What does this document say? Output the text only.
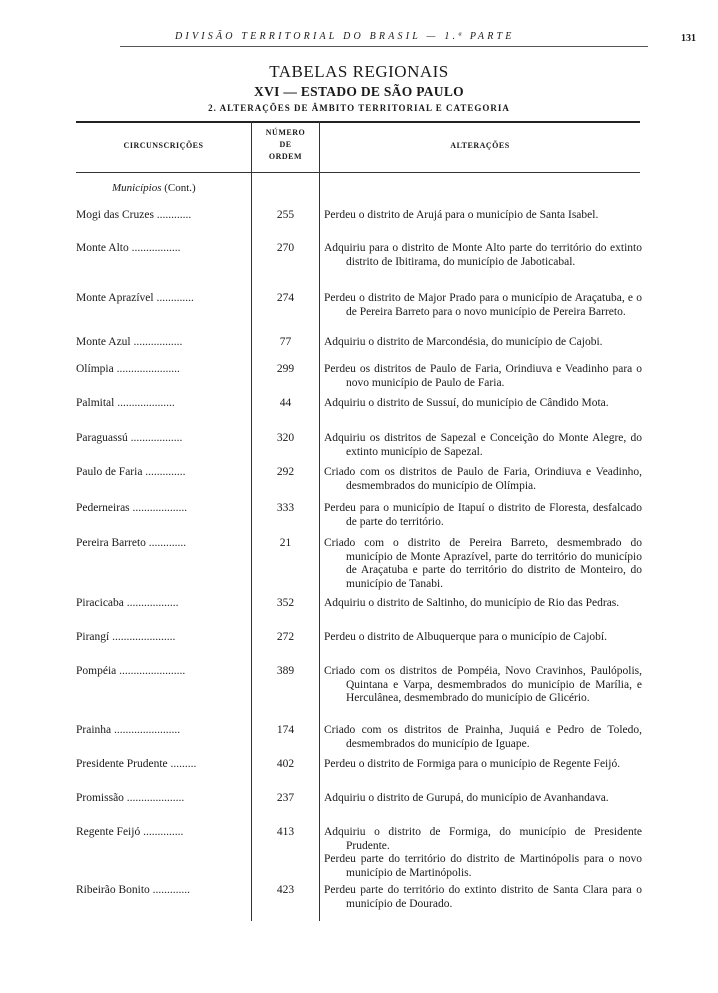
DIVISÃO TERRITORIAL DO BRASIL — 1.ª PARTE	131
TABELAS REGIONAIS
XVI — ESTADO DE SÃO PAULO
2. ALTERAÇÕES DE ÂMBITO TERRITORIAL E CATEGORIA
CIRCUNSCRIÇÕES
NÚMERO
DE
ORDEM
ALTERAÇÕES
Municípios (Cont.)
Mogi das Cruzes ............	255	Perdeu o distrito de Arujá para o município de Santa Isabel.

Monte Alto .................	270	Adquiriu para o distrito de Monte Alto parte do território do extinto distrito de Ibitirama, do município de Jaboticabal.

Monte Aprazível .............	274	Perdeu o distrito de Major Prado para o município de Araçatuba, e o de Pereira Barreto para o novo município de Pereira Barreto.

Monte Azul .................	77	Adquiriu o distrito de Marcondésia, do município de Cajobi.

Olímpia ......................	299	Perdeu os distritos de Paulo de Faria, Orindiuva e Veadinho para o novo município de Paulo de Faria.

Palmital ....................	44	Adquiriu o distrito de Sussuí, do município de Cândido Mota.

Paraguassú ..................	320	Adquiriu os distritos de Sapezal e Conceição do Monte Alegre, do extinto município de Sapezal.

Paulo de Faria ..............	292	Criado com os distritos de Paulo de Faria, Orindiuva e Veadinho, desmembrados do município de Olímpia.

Pederneiras ...................	333	Perdeu para o município de Itapuí o distrito de Floresta, desfalcado de parte do território.

Pereira Barreto .............	21	Criado com o distrito de Pereira Barreto, desmembrado do município de Monte Aprazível, parte do território do município de Araçatuba e parte do território do distrito de Monteiro, do município de Tanabi.

Piracicaba ..................	352	Adquiriu o distrito de Saltinho, do município de Rio das Pedras.

Pirangí ......................	272	Perdeu o distrito de Albuquerque para o município de Cajobí.

Pompéia .......................	389	Criado com os distritos de Pompéia, Novo Cravinhos, Paulópolis, Quintana e Varpa, desmembrados do município de Marília, e Herculânea, desmembrado do município de Glicério.

Prainha .......................	174	Criado com os distritos de Prainha, Juquiá e Pedro de Toledo, desmembrados do município de Iguape.

Presidente Prudente .........	402	Perdeu o distrito de Formiga para o município de Regente Feijó.

Promissão ....................	237	Adquiriu o distrito de Gurupá, do município de Avanhandava.

Regente Feijó ..............	413	Adquiriu o distrito de Formiga, do município de Presidente Prudente.

Perdeu parte do território do distrito de Martinópolis para o novo município de Martinópolis.

Ribeirão Bonito .............	423	Perdeu parte do território do extinto distrito de Santa Clara para o município de Dourado.
